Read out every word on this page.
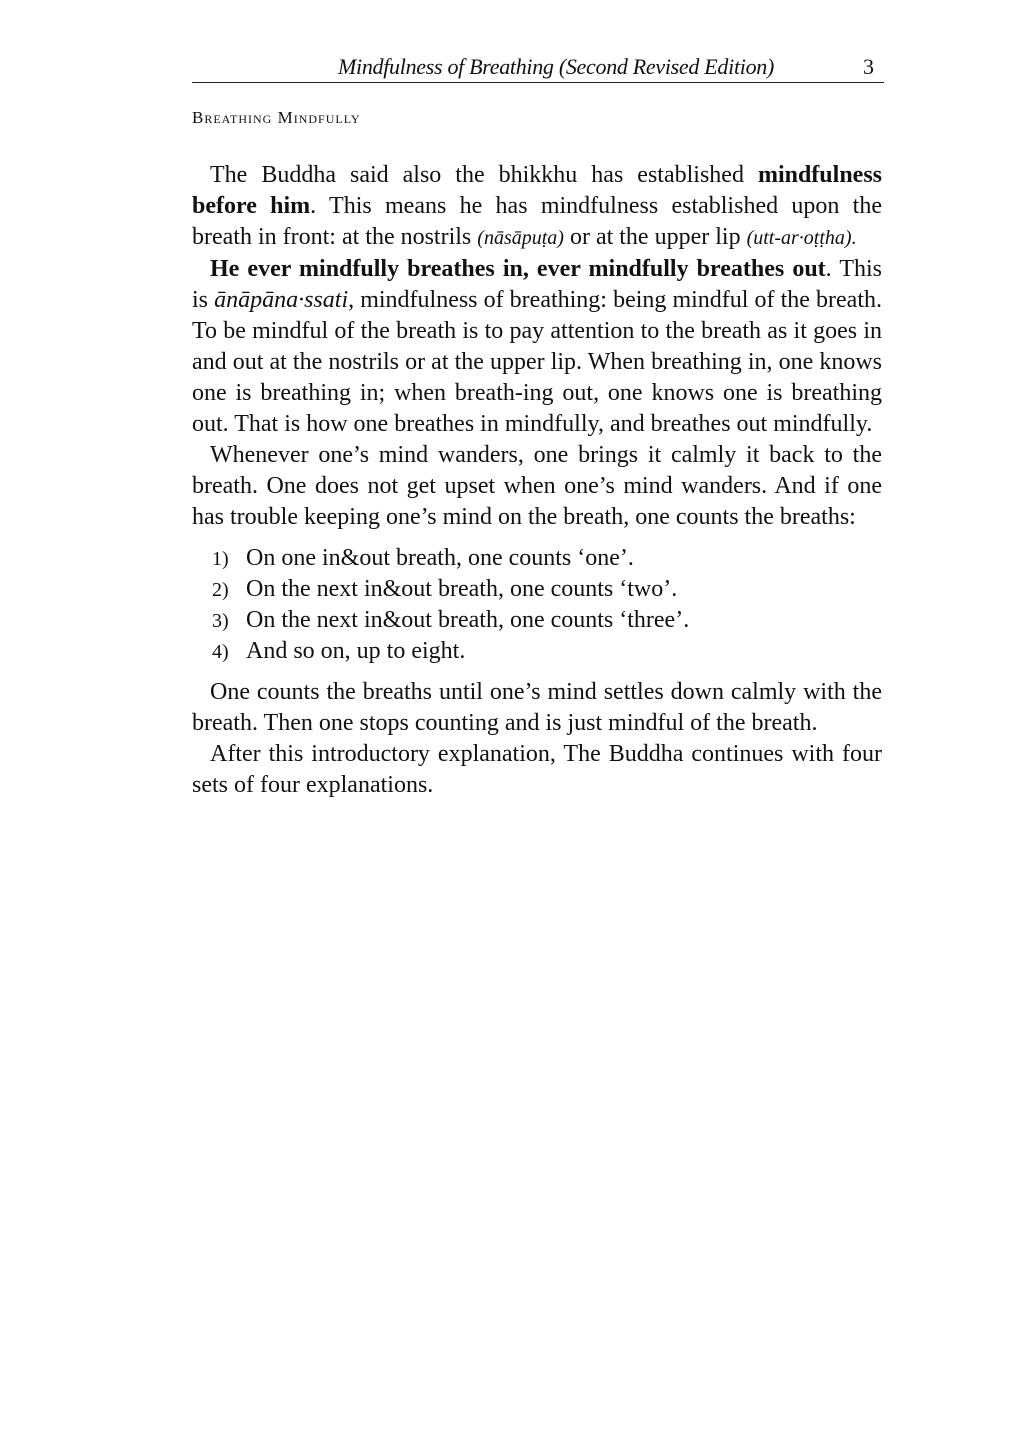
Mindfulness of Breathing (Second Revised Edition)	3
Breathing Mindfully

The Buddha said also the bhikkhu has established mindfulness before him. This means he has mindfulness established upon the breath in front: at the nostrils (nāsāpuṭa) or at the upper lip (utt-ar·oṭṭha).

He ever mindfully breathes in, ever mindfully breathes out. This is ānāpāna·ssati, mindfulness of breathing: being mindful of the breath. To be mindful of the breath is to pay attention to the breath as it goes in and out at the nostrils or at the upper lip. When breathing in, one knows one is breathing in; when breath-ing out, one knows one is breathing out. That is how one breathes in mindfully, and breathes out mindfully.

Whenever one’s mind wanders, one brings it calmly it back to the breath. One does not get upset when one’s mind wanders. And if one has trouble keeping one’s mind on the breath, one counts the breaths:

1) On one in&out breath, one counts ‘one’.
2) On the next in&out breath, one counts ‘two’.
3) On the next in&out breath, one counts ‘three’.
4) And so on, up to eight.

One counts the breaths until one’s mind settles down calmly with the breath. Then one stops counting and is just mindful of the breath.

After this introductory explanation, The Buddha continues with four sets of four explanations.
